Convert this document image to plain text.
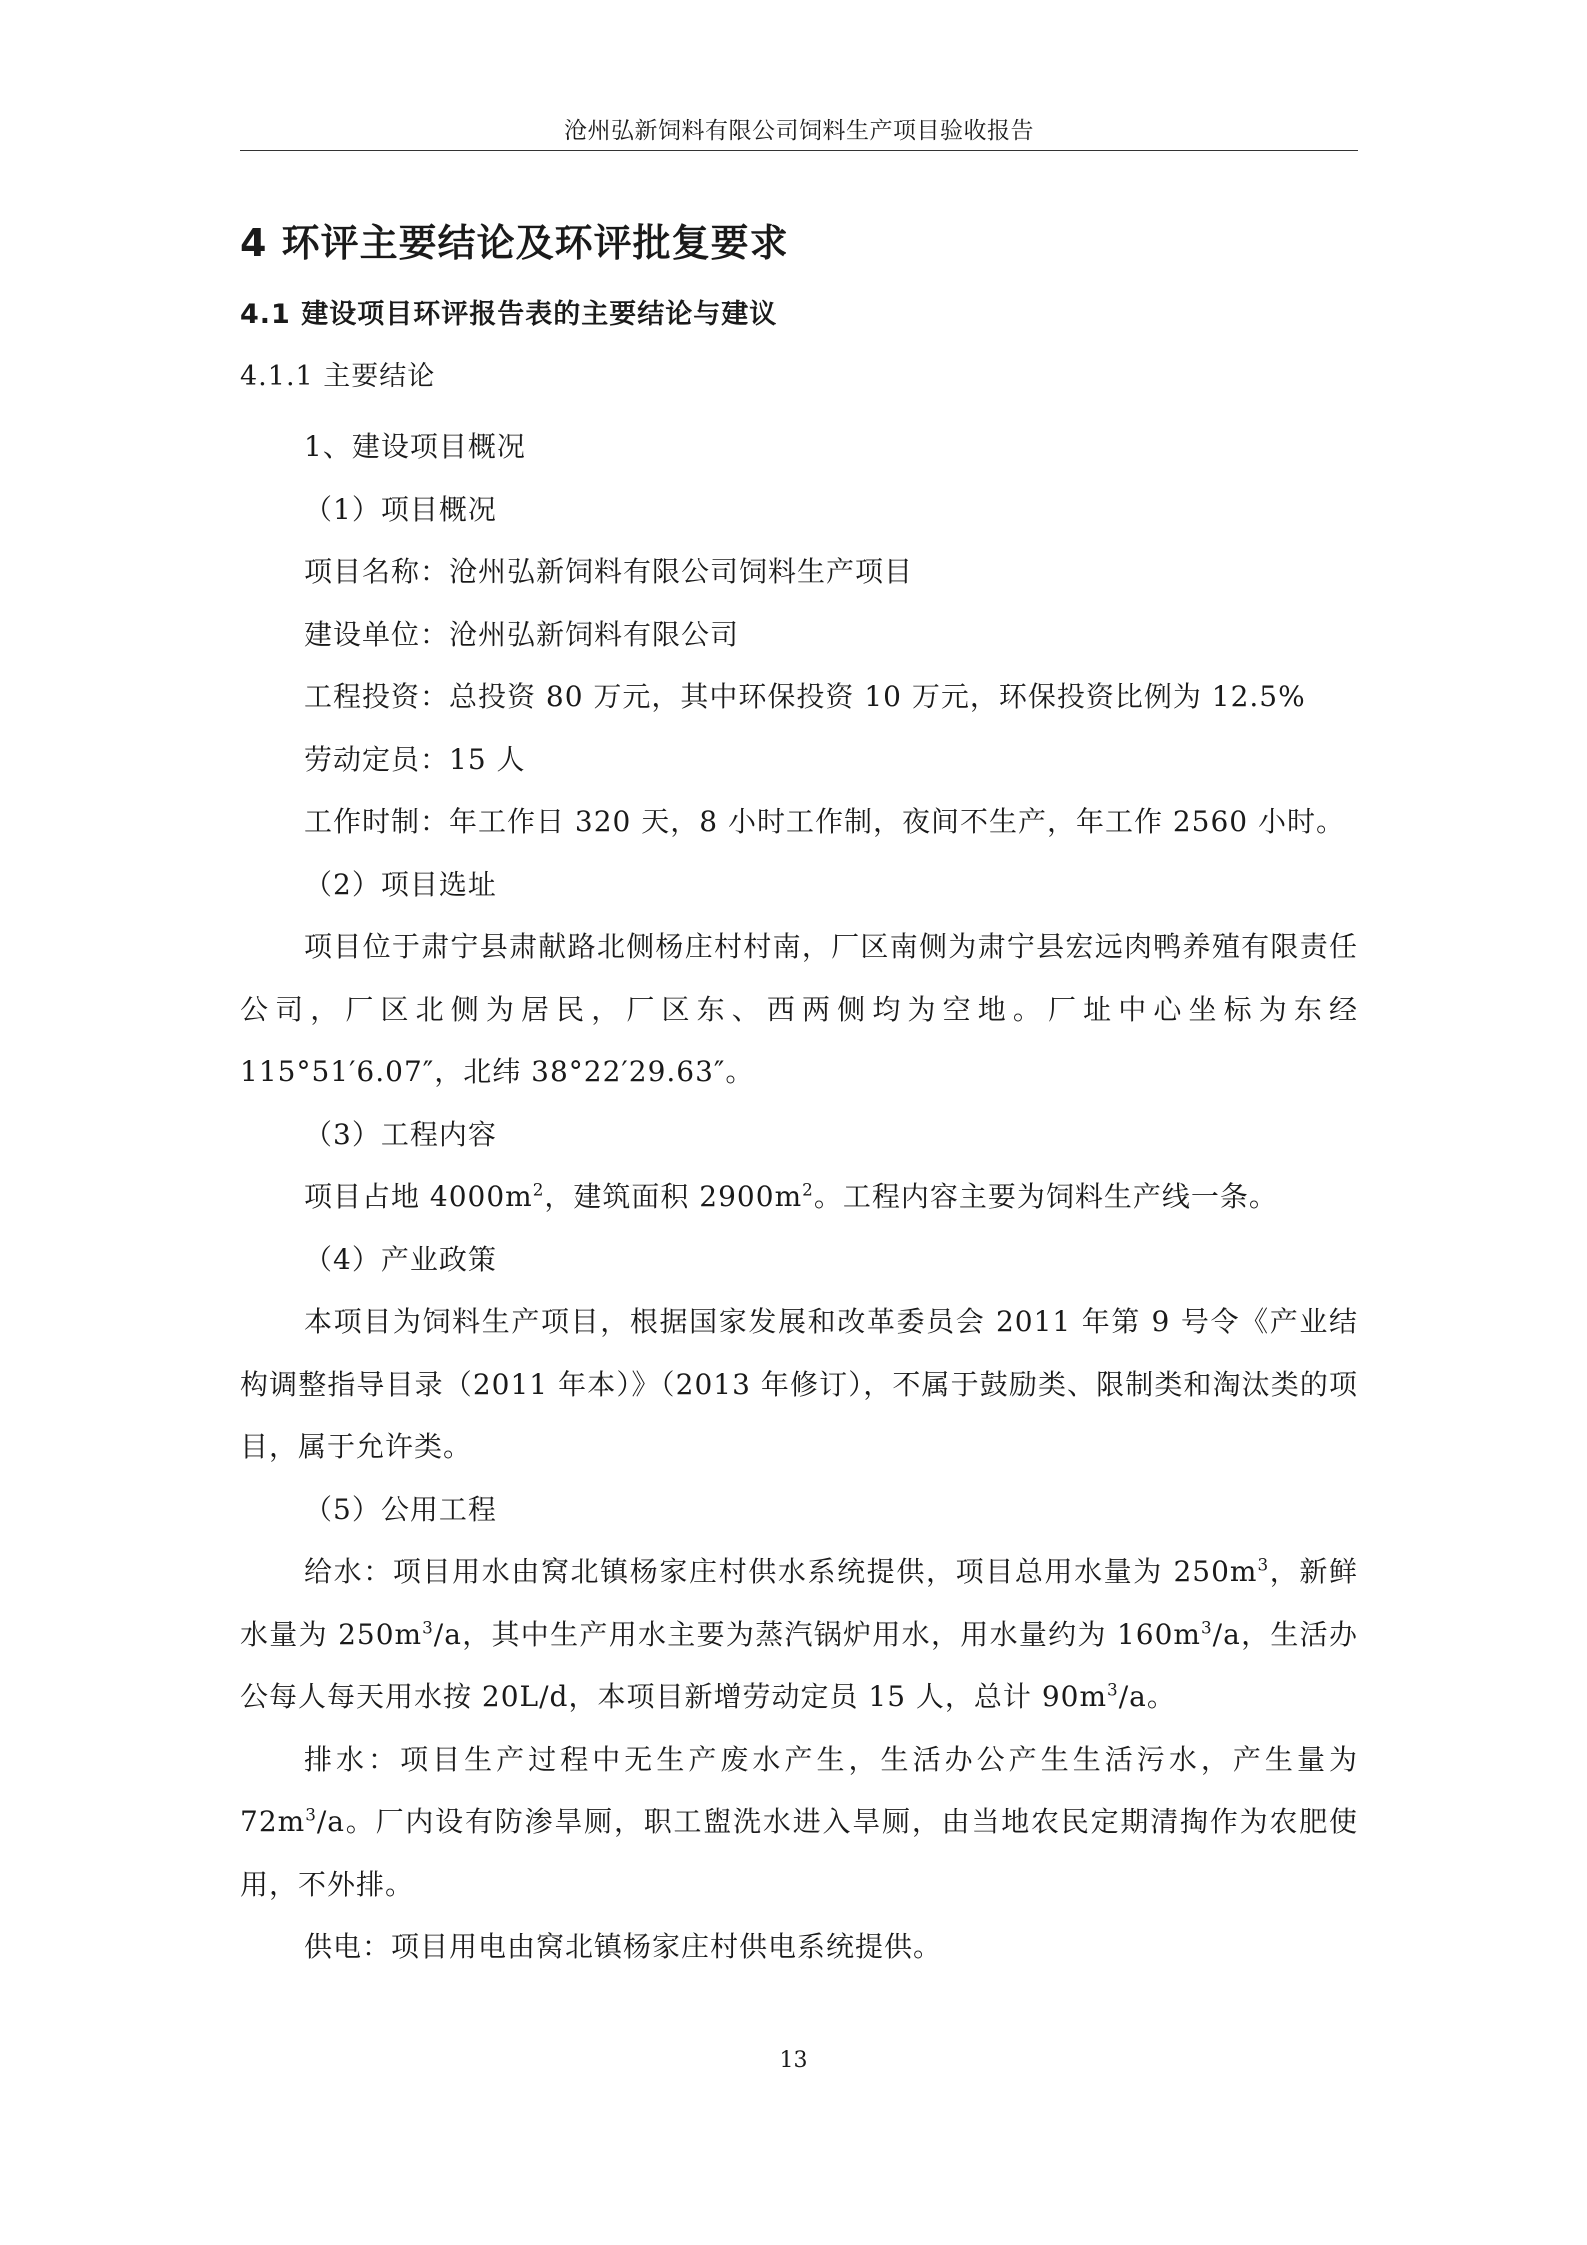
沧州弘新饲料有限公司饲料生产项目验收报告
4 环评主要结论及环评批复要求
4.1 建设项目环评报告表的主要结论与建议
4.1.1 主要结论

1、建设项目概况

（1）项目概况

项目名称：沧州弘新饲料有限公司饲料生产项目

建设单位：沧州弘新饲料有限公司

工程投资：总投资 80 万元，其中环保投资 10 万元，环保投资比例为 12.5%

劳动定员：15 人

工作时制：年工作日 320 天，8 小时工作制，夜间不生产，年工作 2560 小时。

（2）项目选址

项目位于肃宁县肃献路北侧杨庄村村南，厂区南侧为肃宁县宏远肉鸭养殖有限责任公司，厂区北侧为居民，厂区东、西两侧均为空地。厂址中心坐标为东经 115°51′6.07″，北纬 38°22′29.63″。

（3）工程内容

项目占地 $4000m^2$，建筑面积 $2900m^2$。工程内容主要为饲料生产线一条。

（4）产业政策

本项目为饲料生产项目，根据国家发展和改革委员会 2011 年第 9 号令《产业结构调整指导目录（2011 年本）》（2013 年修订），不属于鼓励类、限制类和淘汰类的项目，属于允许类。

（5）公用工程

给水：项目用水由窝北镇杨家庄村供水系统提供，项目总用水量为 $250m^3$，新鲜水量为 $250m^3/a$，其中生产用水主要为蒸汽锅炉用水，用水量约为 $160m^3/a$，生活办公每人每天用水按 20L/d，本项目新增劳动定员 15 人，总计 $90m^3/a$。

排水：项目生产过程中无生产废水产生，生活办公产生生活污水，产生量为 $72m^3/a$。厂内设有防渗旱厕，职工盥洗水进入旱厕，由当地农民定期清掏作为农肥使用，不外排。

供电：项目用电由窝北镇杨家庄村供电系统提供。

13
